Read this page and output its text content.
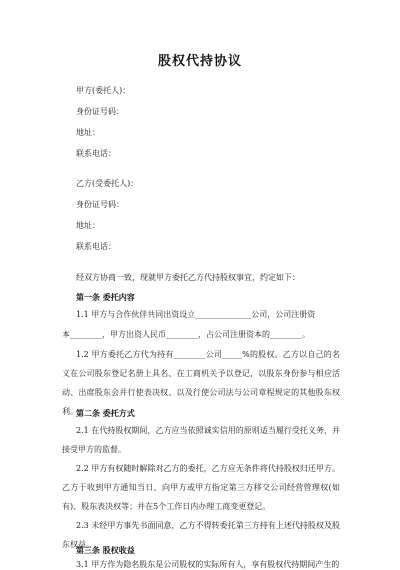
股权代持协议
甲方(委托人)：
身份证号码：
地址：
联系电话：
乙方(受委托人)：
身份证号码：
地址：
联系电话：
经双方协商一致，现就甲方委托乙方代持股权事宜，约定如下：
第一条 委托内容
1.1 甲方与合作伙伴共同出资设立______________公司，公司注册资
本________，甲方出资人民币________，占公司注册资本的________。
1.2 甲方委托乙方代为持有________公司_____%的股权。乙方以自己的名义在公司股东登记名册上具名、在工商机关予以登记，以股东身份参与相应活动、出席股东会并行使表决权、以及行使公司法与公司章程规定的其他股东权利。
第二条 委托方式
2.1 在代持股权期间，乙方应当依照诚实信用的原则适当履行受托义务，并接受甲方的监督。
2.2 甲方有权随时解除对乙方的委托，乙方应无条件将代持股权归还甲方。乙方于收到甲方通知当日，向甲方或甲方指定第三方移交公司经营管理权(如有)、股东表决权等；并在5个工作日内办理工商变更登记。
2.3 未经甲方事先书面同意，乙方不得转委托第三方持有上述代持股权及股东权益。
第三条 股权收益
3.1 甲方作为隐名股东是公司股权的实际所有人，享有股权代持期间产生的
